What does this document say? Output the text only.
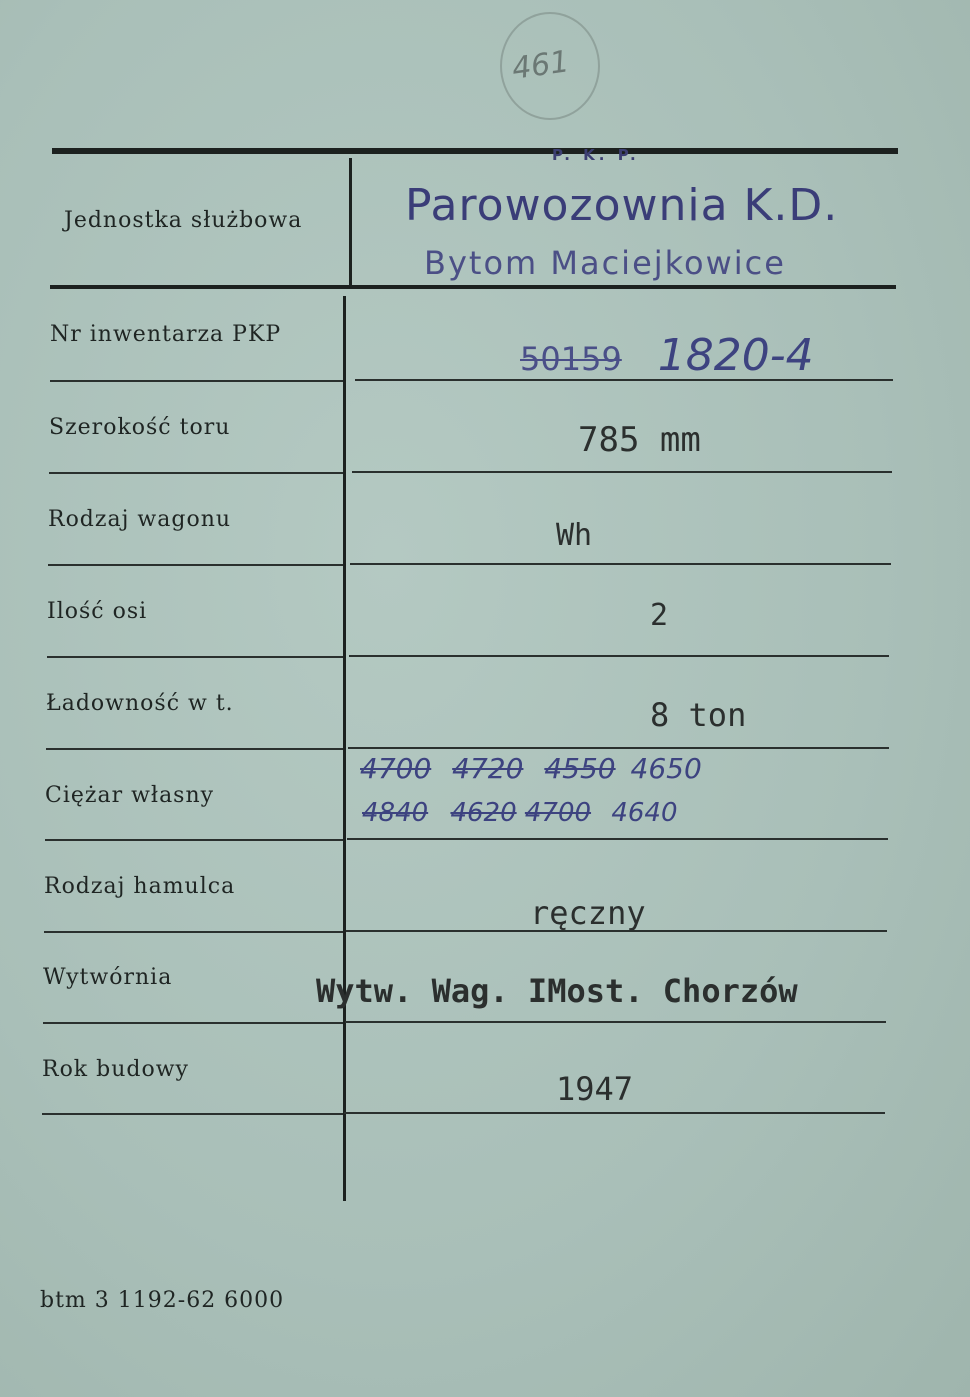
461
P. K. P.
Parowozownia K.D.
Bytom Maciejkowice
Jednostka służbowa
Nr inwentarza PKP
Szerokość toru
Rodzaj wagonu
Ilość osi
Ładowność w t.
Ciężar własny
Rodzaj hamulca
Wytwórnia
Rok budowy
50159 1820-4
785 mm
Wh
2
8 ton
4700 4720 4550 4650
4840 4620 4700 4640
ręczny
Wytw. Wag. IMost. Chorzów
1947
btm 3 1192-62 6000
